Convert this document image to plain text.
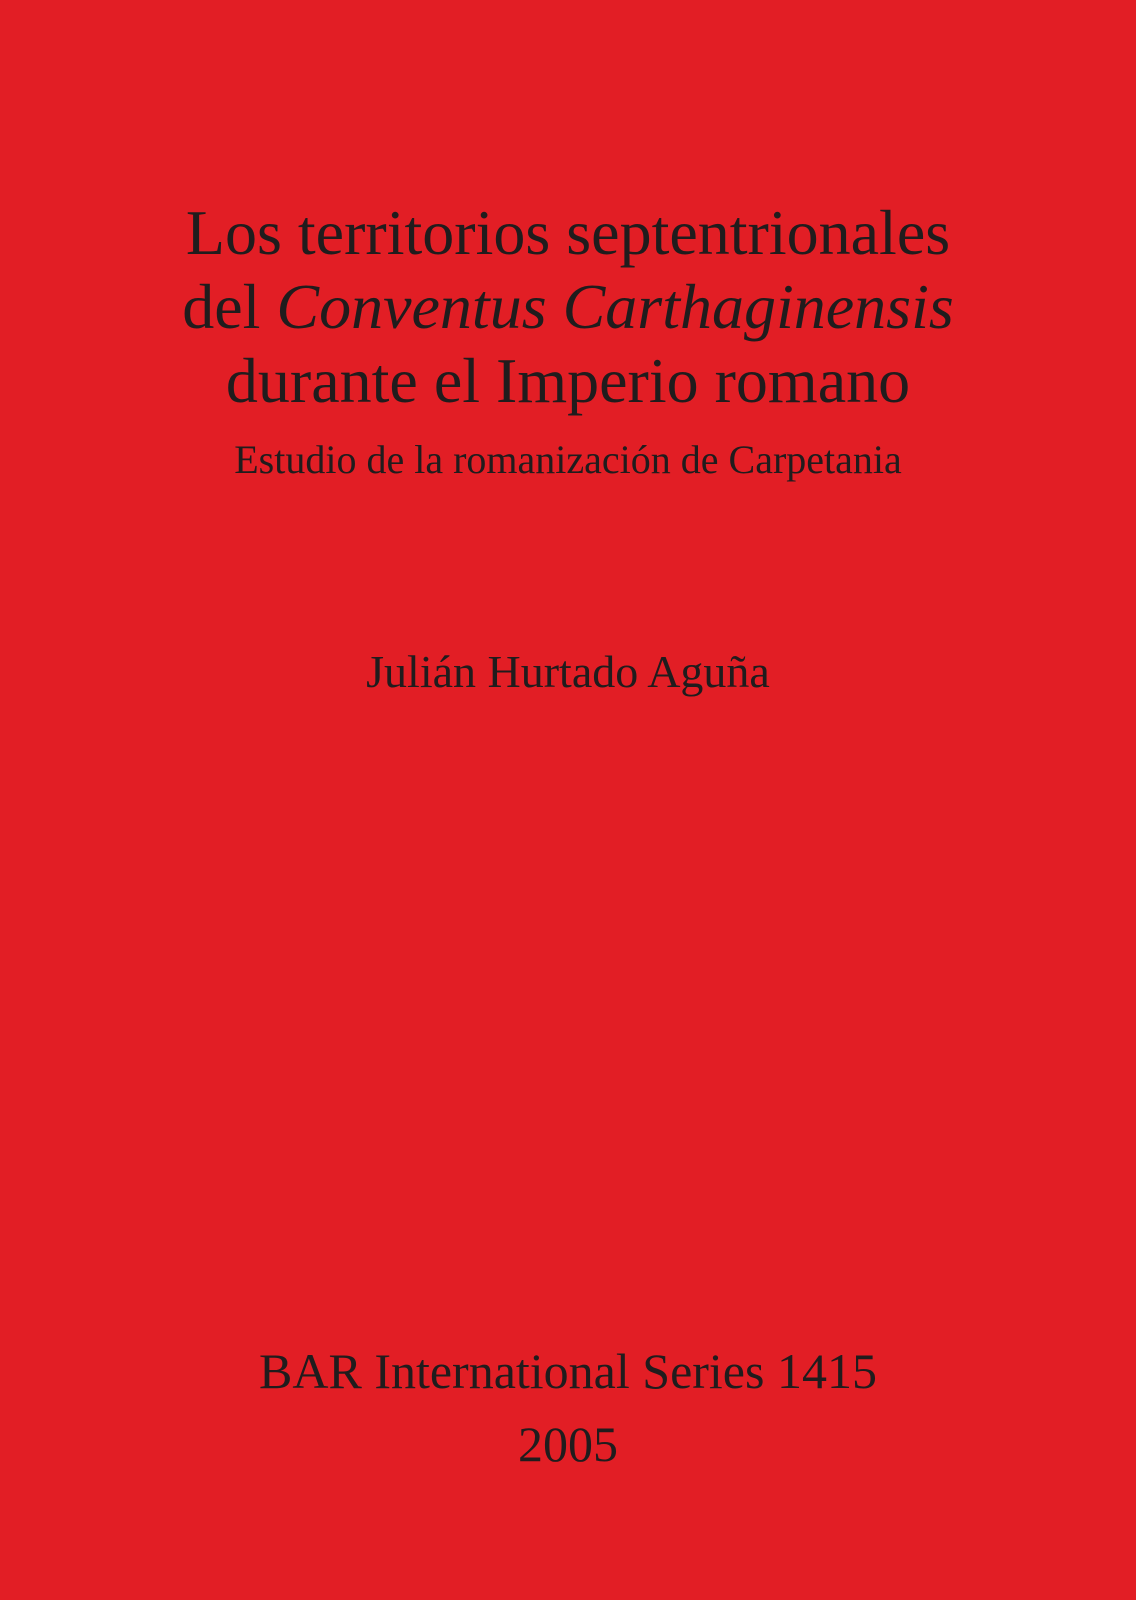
Los territorios septentrionales
del Conventus Carthaginensis
durante el Imperio romano
Estudio de la romanización de Carpetania
Julián Hurtado Aguña
BAR International Series 1415
2005
